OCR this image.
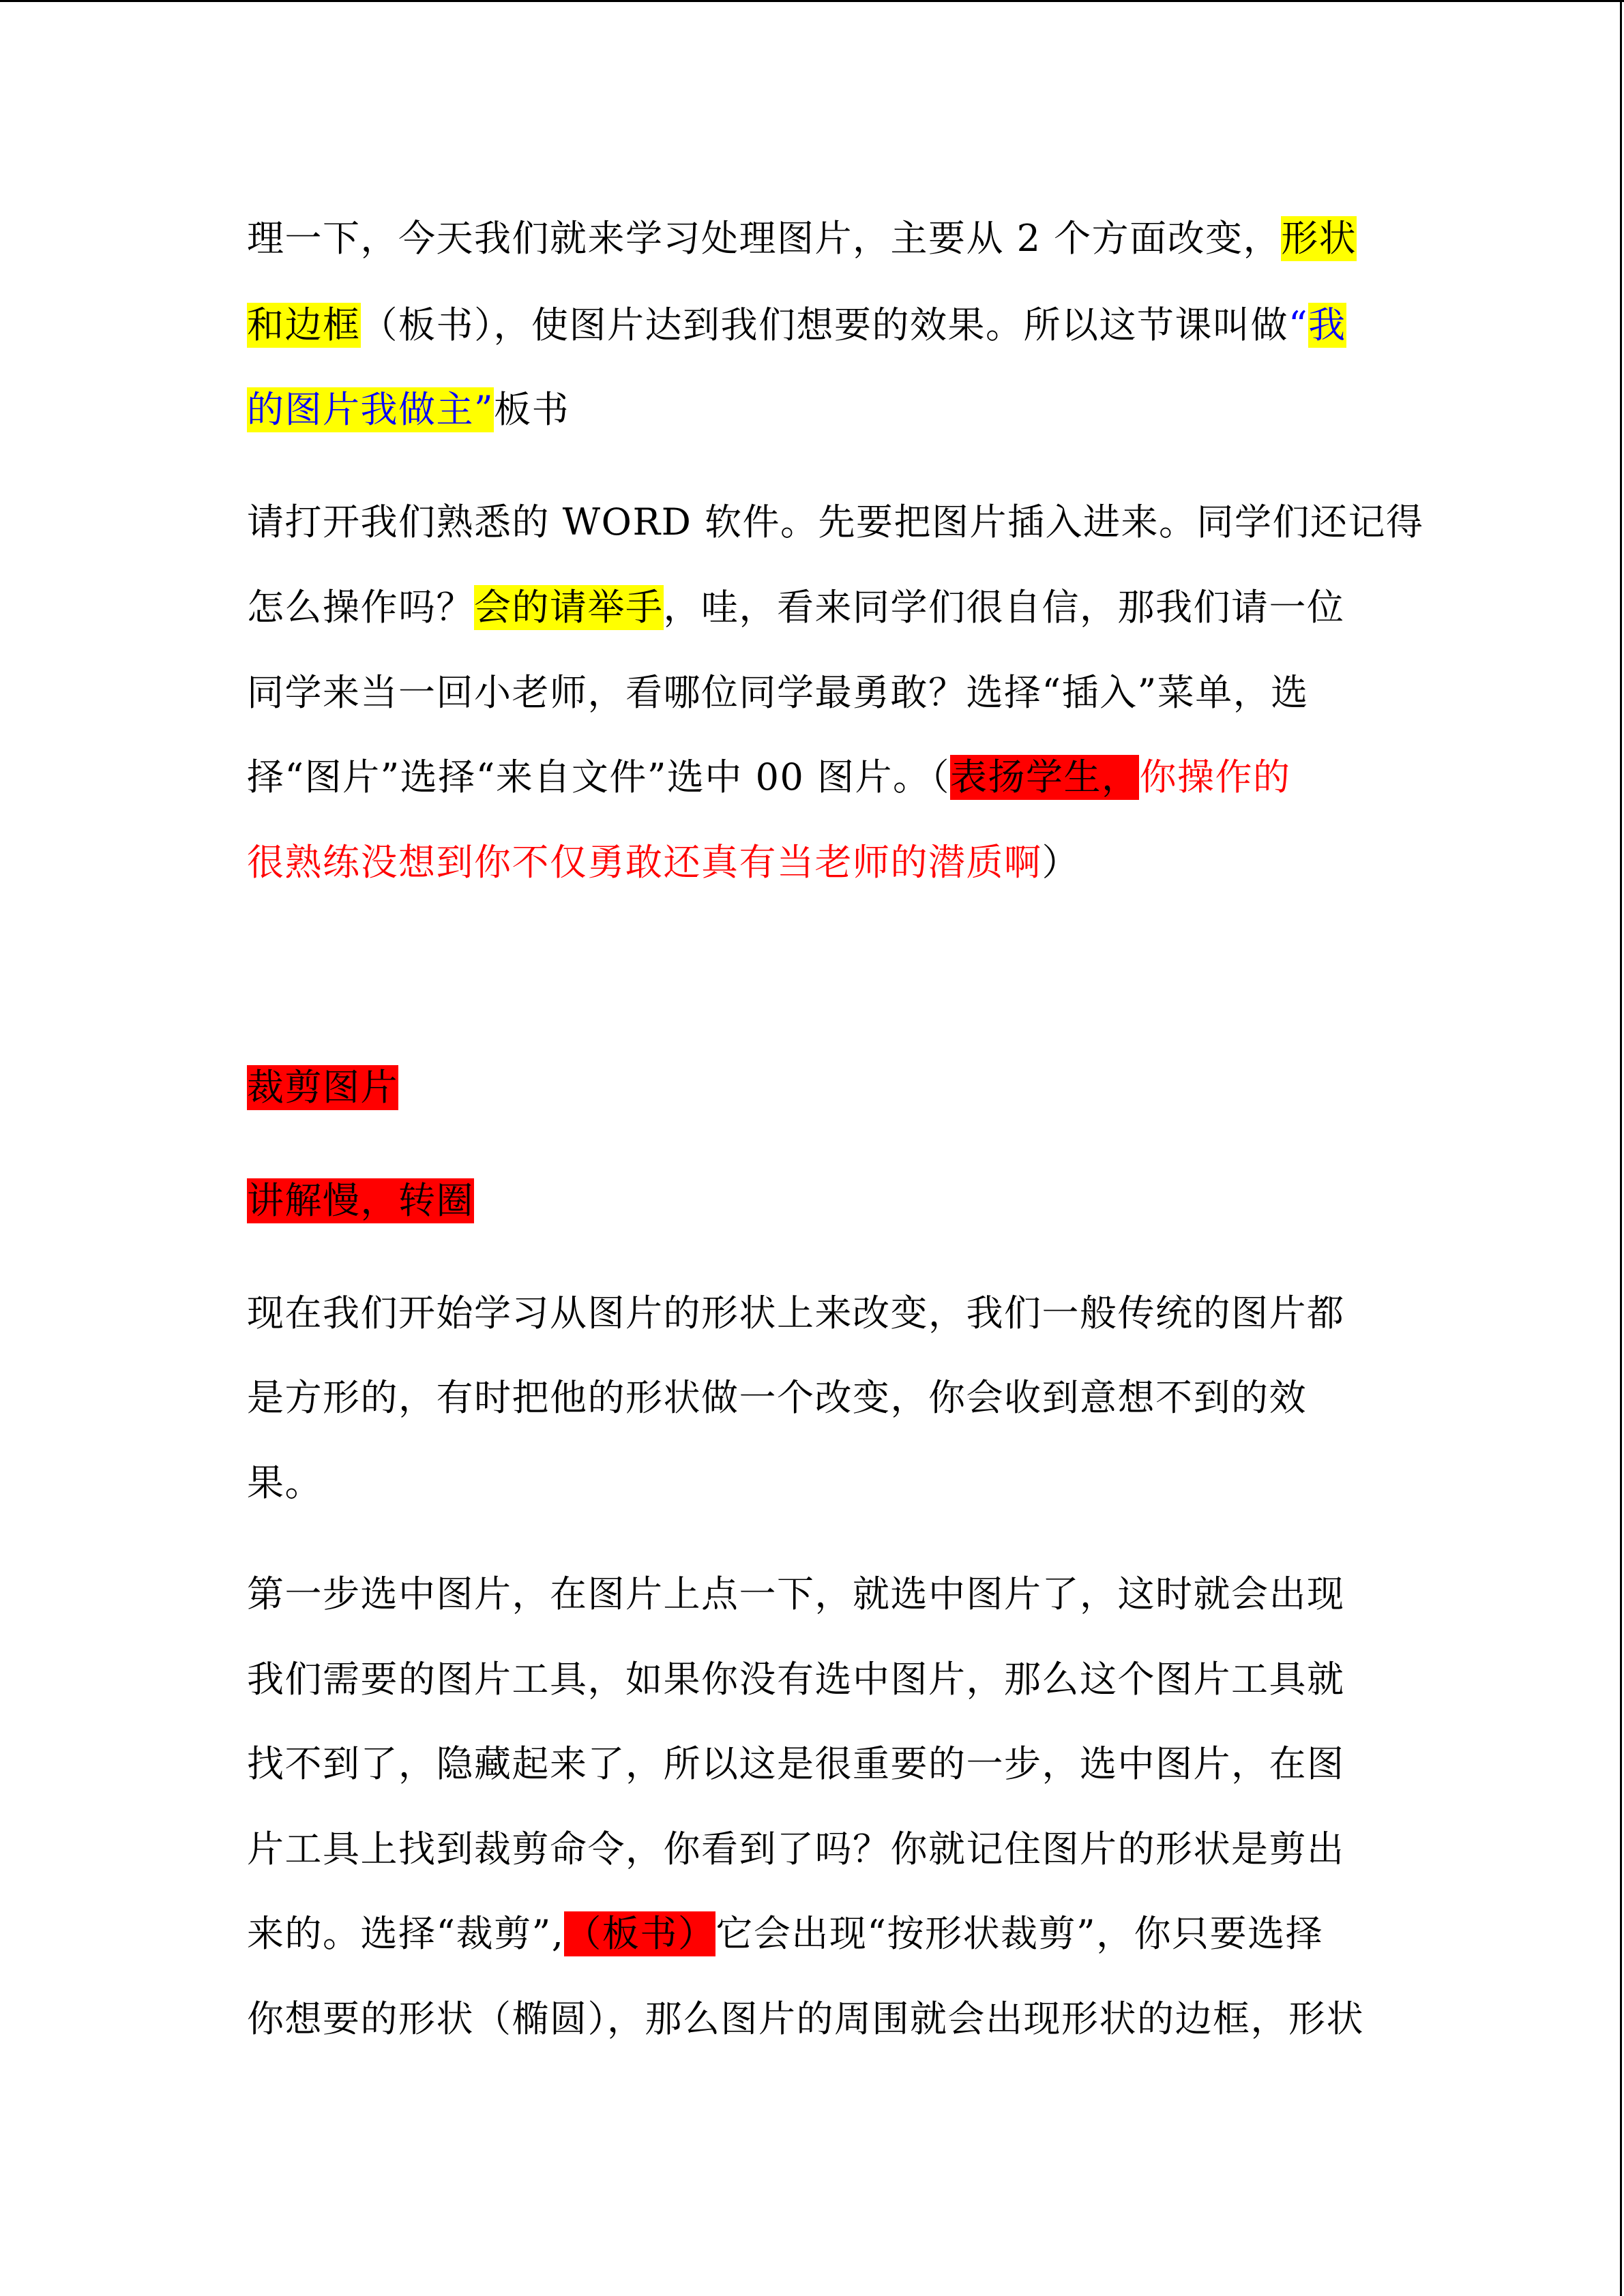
理一下，今天我们就来学习处理图片，主要从 2 个方面改变，形状
和边框（板书），使图片达到我们想要的效果。所以这节课叫做“我
的图片我做主”板书
请打开我们熟悉的 WORD 软件。先要把图片插入进来。同学们还记得
怎么操作吗？会的请举手，哇，看来同学们很自信，那我们请一位
同学来当一回小老师，看哪位同学最勇敢？选择“插入”菜单，选
择“图片”选择“来自文件”选中 00 图片。（表扬学生，你操作的
很熟练没想到你不仅勇敢还真有当老师的潜质啊）
裁剪图片
讲解慢，转圈
现在我们开始学习从图片的形状上来改变，我们一般传统的图片都
是方形的，有时把他的形状做一个改变，你会收到意想不到的效
果。
第一步选中图片，在图片上点一下，就选中图片了，这时就会出现
我们需要的图片工具，如果你没有选中图片，那么这个图片工具就
找不到了，隐藏起来了，所以这是很重要的一步，选中图片，在图
片工具上找到裁剪命令，你看到了吗？你就记住图片的形状是剪出
来的。选择“裁剪”,（板书）它会出现“按形状裁剪”，你只要选择
你想要的形状（椭圆），那么图片的周围就会出现形状的边框，形状
